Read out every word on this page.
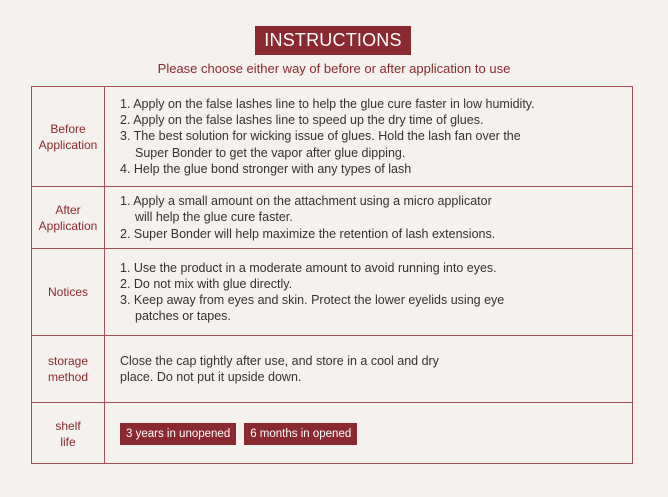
INSTRUCTIONS
Please choose either way of before or after application to use
Before
Application
1. Apply on the false lashes line to help the glue cure faster in low humidity.
2. Apply on the false lashes line to speed up the dry time of glues.
3. The best solution for wicking issue of glues. Hold the lash fan over the
Super Bonder to get the vapor after glue dipping.
4. Help the glue bond stronger with any types of lash
After
Application
1. Apply a small amount on the attachment using a micro applicator
will help the glue cure faster.
2. Super Bonder will help maximize the retention of lash extensions.
Notices
1. Use the product in a moderate amount to avoid running into eyes.
2. Do not mix with glue directly.
3. Keep away from eyes and skin. Protect the lower eyelids using eye
patches or tapes.
storage
method
Close the cap tightly after use, and store in a cool and dry
place. Do not put it upside down.
shelf
life
3 years in unopened	6 months in opened
